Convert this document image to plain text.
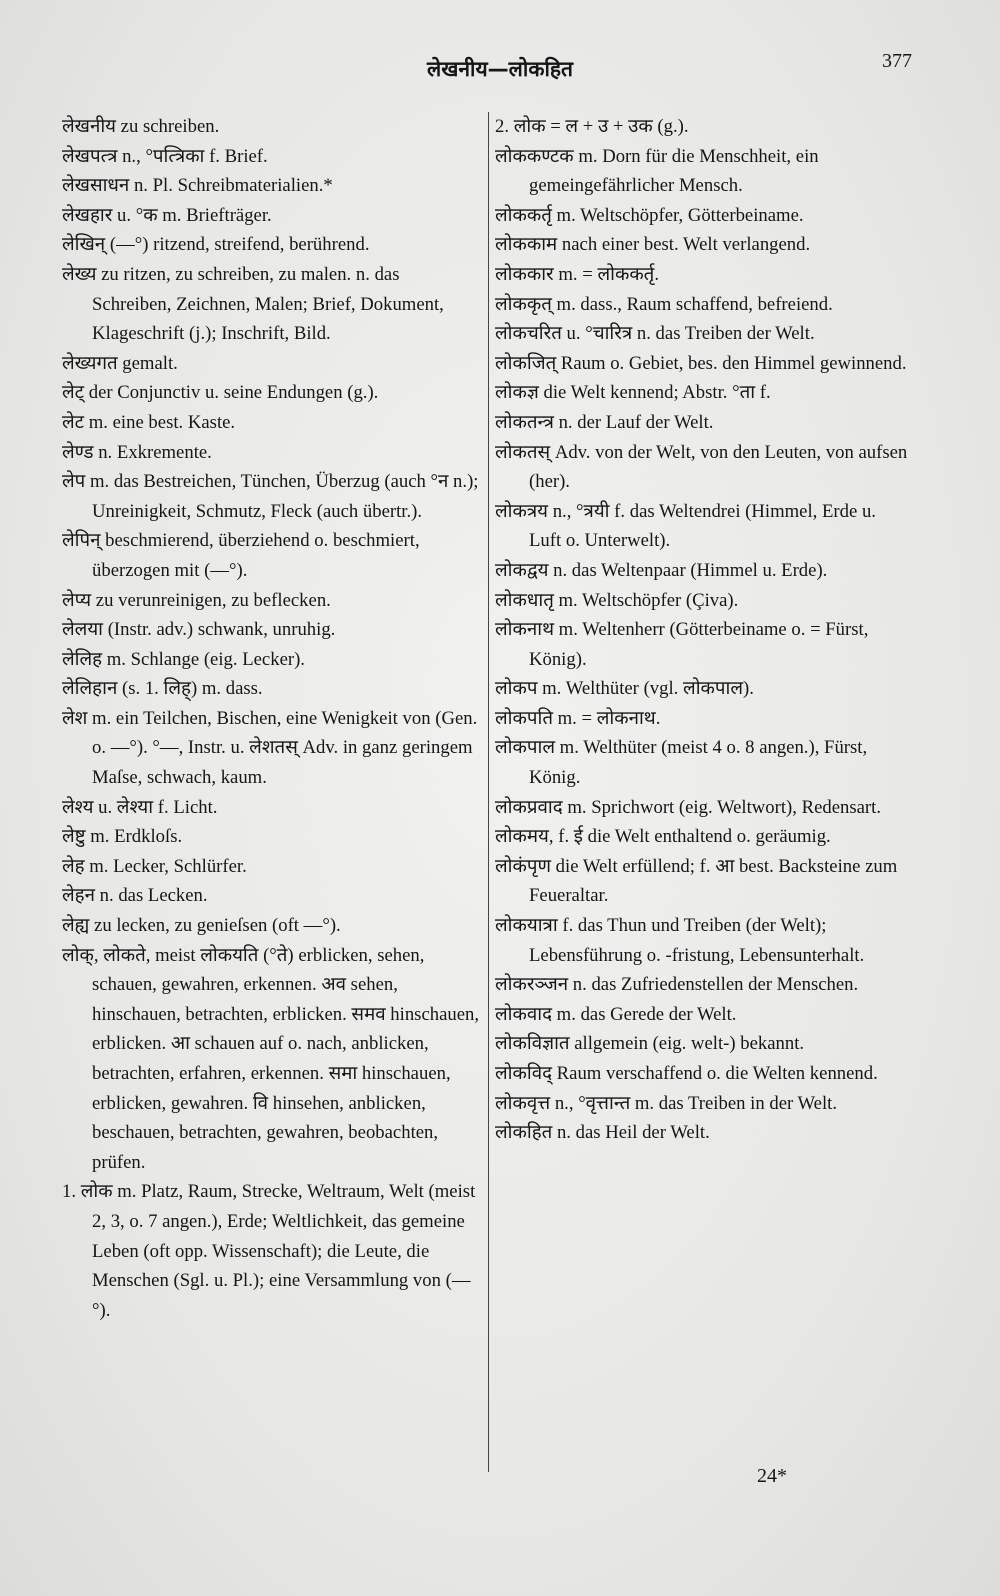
लेखनीय—लोकहित	377
लेखनीय zu schreiben.
लेखपत्त्र n., °पत्त्रिका f. Brief.
लेखसाधन n. Pl. Schreibmaterialien.*
लेखहार u. °क m. Briefträger.
लेखिन् (—°) ritzend, streifend, berührend.
लेख्य zu ritzen, zu schreiben, zu malen. n. das Schreiben, Zeichnen, Malen; Brief, Dokument, Klageschrift (j.); Inschrift, Bild.
लेख्यगत gemalt.
लेट् der Conjunctiv u. seine Endungen (g.).
लेट m. eine best. Kaste.
लेण्ड n. Exkremente.
लेप m. das Bestreichen, Tünchen, Überzug (auch °न n.); Unreinigkeit, Schmutz, Fleck (auch übertr.).
लेपिन् beschmierend, überziehend o. beschmiert, überzogen mit (—°).
लेप्य zu verunreinigen, zu beflecken.
लेलया (Instr. adv.) schwank, unruhig.
लेलिह m. Schlange (eig. Lecker).
लेलिहान (s. 1. लिह्) m. dass.
लेश m. ein Teilchen, Bischen, eine Wenigkeit von (Gen. o. —°). °—, Instr. u. लेशतस् Adv. in ganz geringem Maſse, schwach, kaum.
लेश्य u. लेश्या f. Licht.
लेष्टु m. Erdkloſs.
लेह m. Lecker, Schlürfer.
लेहन n. das Lecken.
लेह्य zu lecken, zu genieſsen (oft —°).
लोक्, लोकते, meist लोकयति (°ते) erblicken, sehen, schauen, gewahren, erkennen. अव sehen, hinschauen, betrachten, erblicken. समव hinschauen, erblicken. आ schauen auf o. nach, anblicken, betrachten, erfahren, erkennen. समा hinschauen, erblicken, gewahren. वि hinsehen, anblicken, beschauen, betrachten, gewahren, beobachten, prüfen.
1. लोक m. Platz, Raum, Strecke, Weltraum, Welt (meist 2, 3, o. 7 angen.), Erde; Weltlichkeit, das gemeine Leben (oft opp. Wissenschaft); die Leute, die Menschen (Sgl. u. Pl.); eine Versammlung von (—°).
2. लोक = ल + उ + उक (g.).
लोककण्टक m. Dorn für die Menschheit, ein gemeingefährlicher Mensch.
लोककर्तृ m. Weltschöpfer, Götterbeiname.
लोककाम nach einer best. Welt verlangend.
लोककार m. = लोककर्तृ.
लोककृत् m. dass., Raum schaffend, befreiend.
लोकचरित u. °चारित्र n. das Treiben der Welt.
लोकजित् Raum o. Gebiet, bes. den Himmel gewinnend.
लोकज्ञ die Welt kennend; Abstr. °ता f.
लोकतन्त्र n. der Lauf der Welt.
लोकतस् Adv. von der Welt, von den Leuten, von aufsen (her).
लोकत्रय n., °त्रयी f. das Weltendrei (Himmel, Erde u. Luft o. Unterwelt).
लोकद्वय n. das Weltenpaar (Himmel u. Erde).
लोकधातृ m. Weltschöpfer (Çiva).
लोकनाथ m. Weltenherr (Götterbeiname o. = Fürst, König).
लोकप m. Welthüter (vgl. लोकपाल).
लोकपति m. = लोकनाथ.
लोकपाल m. Welthüter (meist 4 o. 8 angen.), Fürst, König.
लोकप्रवाद m. Sprichwort (eig. Weltwort), Redensart.
लोकमय, f. ई die Welt enthaltend o. geräumig.
लोकंपृण die Welt erfüllend; f. आ best. Backsteine zum Feueraltar.
लोकयात्रा f. das Thun und Treiben (der Welt); Lebensführung o. -fristung, Lebensunterhalt.
लोकरञ्जन n. das Zufriedenstellen der Menschen.
लोकवाद m. das Gerede der Welt.
लोकविज्ञात allgemein (eig. welt-) bekannt.
लोकविद् Raum verschaffend o. die Welten kennend.
लोकवृत्त n., °वृत्तान्त m. das Treiben in der Welt.
लोकहित n. das Heil der Welt.
24*
